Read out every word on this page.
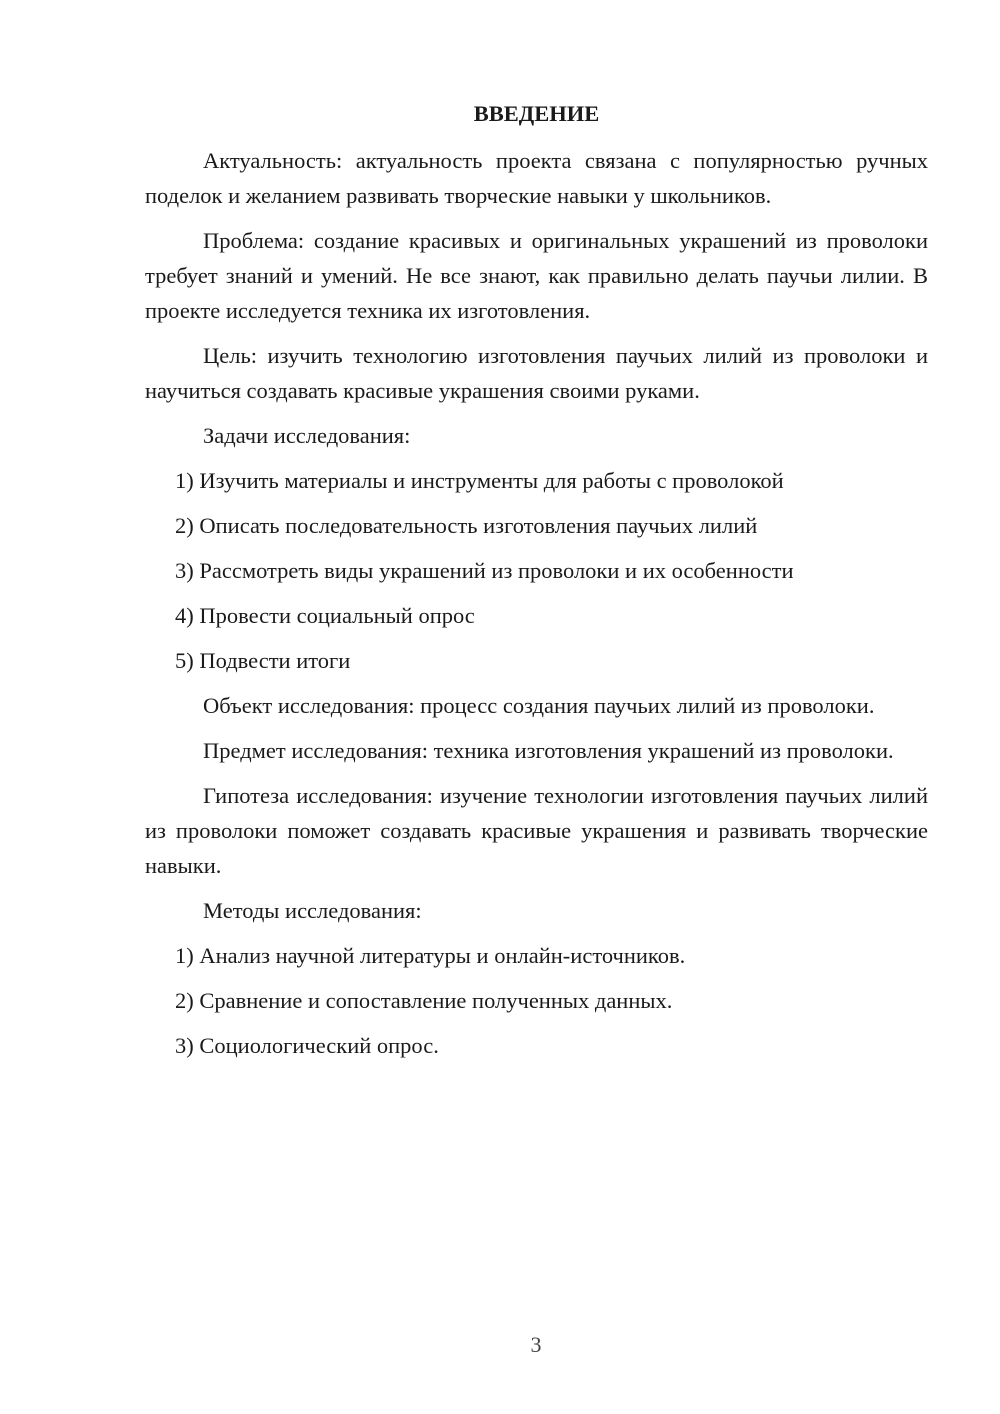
ВВЕДЕНИЕ

Актуальность: актуальность проекта связана с популярностью ручных поделок и желанием развивать творческие навыки у школьников.

Проблема: создание красивых и оригинальных украшений из проволоки требует знаний и умений. Не все знают, как правильно делать паучьи лилии. В проекте исследуется техника их изготовления.

Цель: изучить технологию изготовления паучьих лилий из проволоки и научиться создавать красивые украшения своими руками.

Задачи исследования:

1) Изучить материалы и инструменты для работы с проволокой
2) Описать последовательность изготовления паучьих лилий
3) Рассмотреть виды украшений из проволоки и их особенности
4) Провести социальный опрос
5) Подвести итоги

Объект исследования: процесс создания паучьих лилий из проволоки.

Предмет исследования: техника изготовления украшений из проволоки.

Гипотеза исследования: изучение технологии изготовления паучьих лилий из проволоки поможет создавать красивые украшения и развивать творческие навыки.

Методы исследования:

1) Анализ научной литературы и онлайн-источников.
2) Сравнение и сопоставление полученных данных.
3) Социологический опрос.
3
